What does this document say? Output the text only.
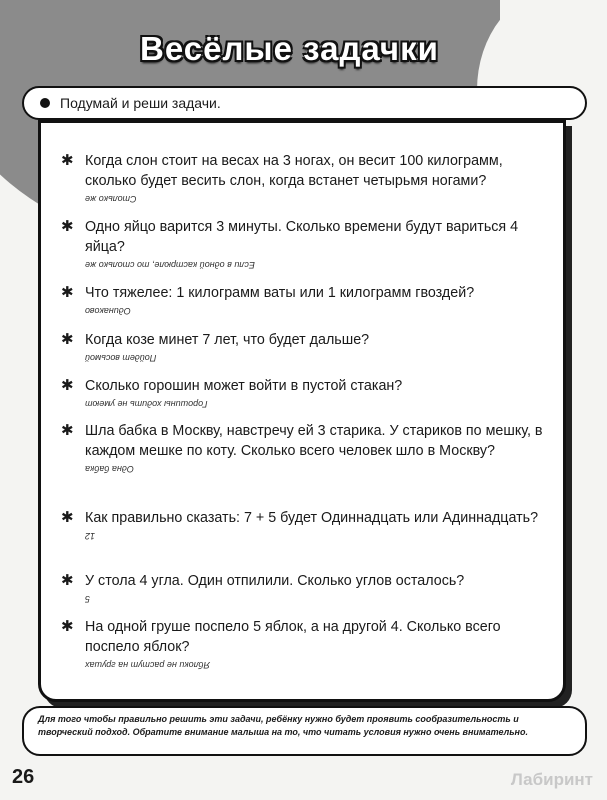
Весёлые задачки
✱ Когда слон стоит на весах на 3 ногах, он весит 100 килограмм, сколько будет весить слон, когда встанет четырьмя ногами?

Столько же
✱ Одно яйцо варится 3 минуты. Сколько времени будут вариться 4 яйца?

Если в одной кастрюле, то столько же
✱ Что тяжелее: 1 килограмм ваты или 1 килограмм гвоздей?

Одинаково
✱ Когда козе минет 7 лет, что будет дальше?

Пойдет восьмой
✱ Сколько горошин может войти в пустой стакан?

Горошины ходить не умеют
✱ Шла бабка в Москву, навстречу ей 3 старика. У стариков по мешку, в каждом мешке по коту. Сколько всего человек шло в Москву?

Одна бабка
✱ Как правильно сказать: 7 + 5 будет Одиннадцать или Адиннадцать?

12
✱ У стола 4 угла. Один отпилили. Сколько углов осталось?

5
✱ На одной груше поспело 5 яблок, а на другой 4. Сколько всего поспело яблок?

Яблоки не растут на грушах
Подумай и реши задачи.
Для того чтобы правильно решить эти задачи, ребёнку нужно будет проявить сообразительность и творческий подход. Обратите внимание малыша на то, что читать условия нужно очень внимательно.
26	Лабиринт
